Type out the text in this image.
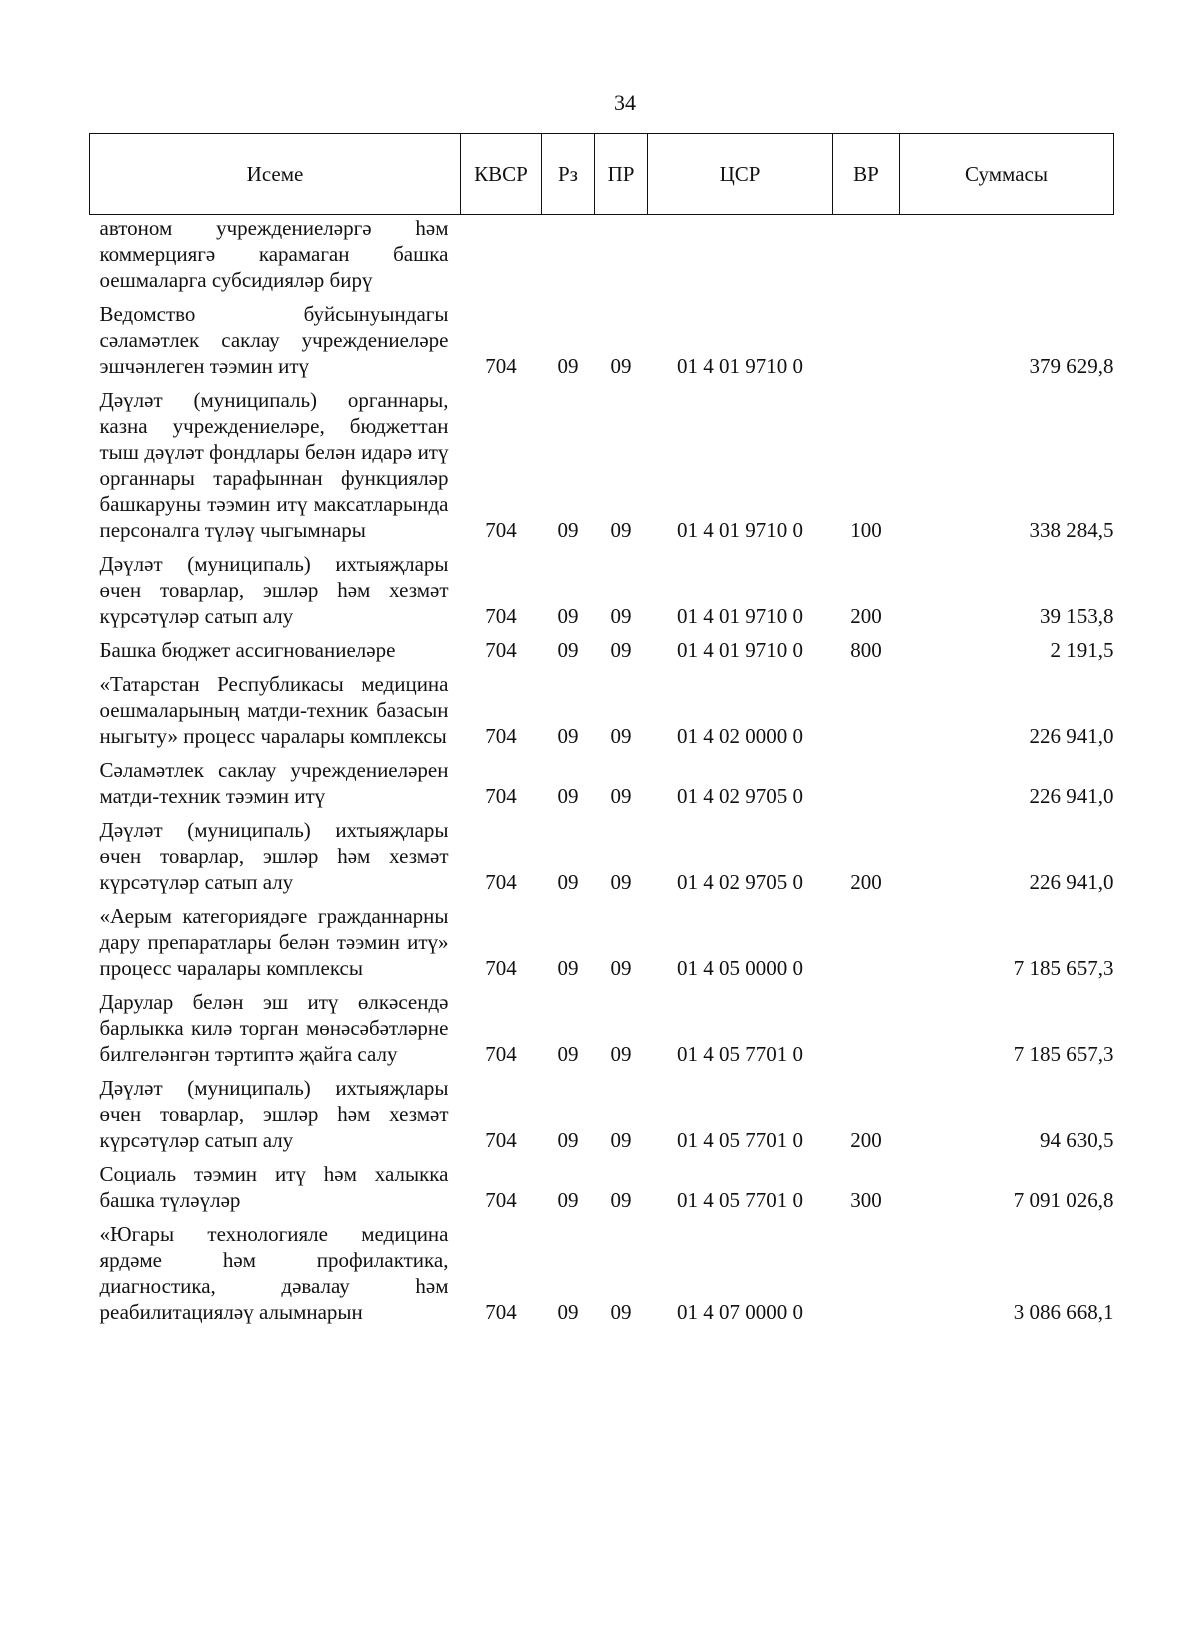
34
Исеме	КВСР	Рз	ПР	ЦСР	ВР	Суммасы
автоном учреждениеләргә һәм коммерциягә карамаган башка оешмаларга субсидияләр бирү						
Ведомство буйсынуындагы сәламәтлек саклау учреждениеләре эшчәнлеген тәэмин итү	704	09	09	01 4 01 9710 0		379 629,8
Дәүләт (муниципаль) органнары, казна учреждениеләре, бюджеттан тыш дәүләт фондлары белән идарә итү органнары тарафыннан функцияләр башкаруны тәэмин итү максатларында персоналга түләү чыгымнары	704	09	09	01 4 01 9710 0	100	338 284,5
Дәүләт (муниципаль) ихтыяҗлары өчен товарлар, эшләр һәм хезмәт күрсәтүләр сатып алу	704	09	09	01 4 01 9710 0	200	39 153,8
Башка бюджет ассигнованиеләре	704	09	09	01 4 01 9710 0	800	2 191,5
«Татарстан Республикасы медицина оешмаларының матди-техник базасын ныгыту» процесс чаралары комплексы	704	09	09	01 4 02 0000 0		226 941,0
Сәламәтлек саклау учреждениеләрен матди-техник тәэмин итү	704	09	09	01 4 02 9705 0		226 941,0
Дәүләт (муниципаль) ихтыяҗлары өчен товарлар, эшләр һәм хезмәт күрсәтүләр сатып алу	704	09	09	01 4 02 9705 0	200	226 941,0
«Аерым категориядәге гражданнарны дару препаратлары белән тәэмин итү» процесс чаралары комплексы	704	09	09	01 4 05 0000 0		7 185 657,3
Дарулар белән эш итү өлкәсендә барлыкка килә торган мөнәсәбәтләрне билгеләнгән тәртиптә җайга салу	704	09	09	01 4 05 7701 0		7 185 657,3
Дәүләт (муниципаль) ихтыяҗлары өчен товарлар, эшләр һәм хезмәт күрсәтүләр сатып алу	704	09	09	01 4 05 7701 0	200	94 630,5
Социаль тәэмин итү һәм халыкка башка түләүләр	704	09	09	01 4 05 7701 0	300	7 091 026,8
«Югары технологияле медицина ярдәме һәм профилактика, диагностика, дәвалау һәм реабилитацияләү алымнарын	704	09	09	01 4 07 0000 0		3 086 668,1
